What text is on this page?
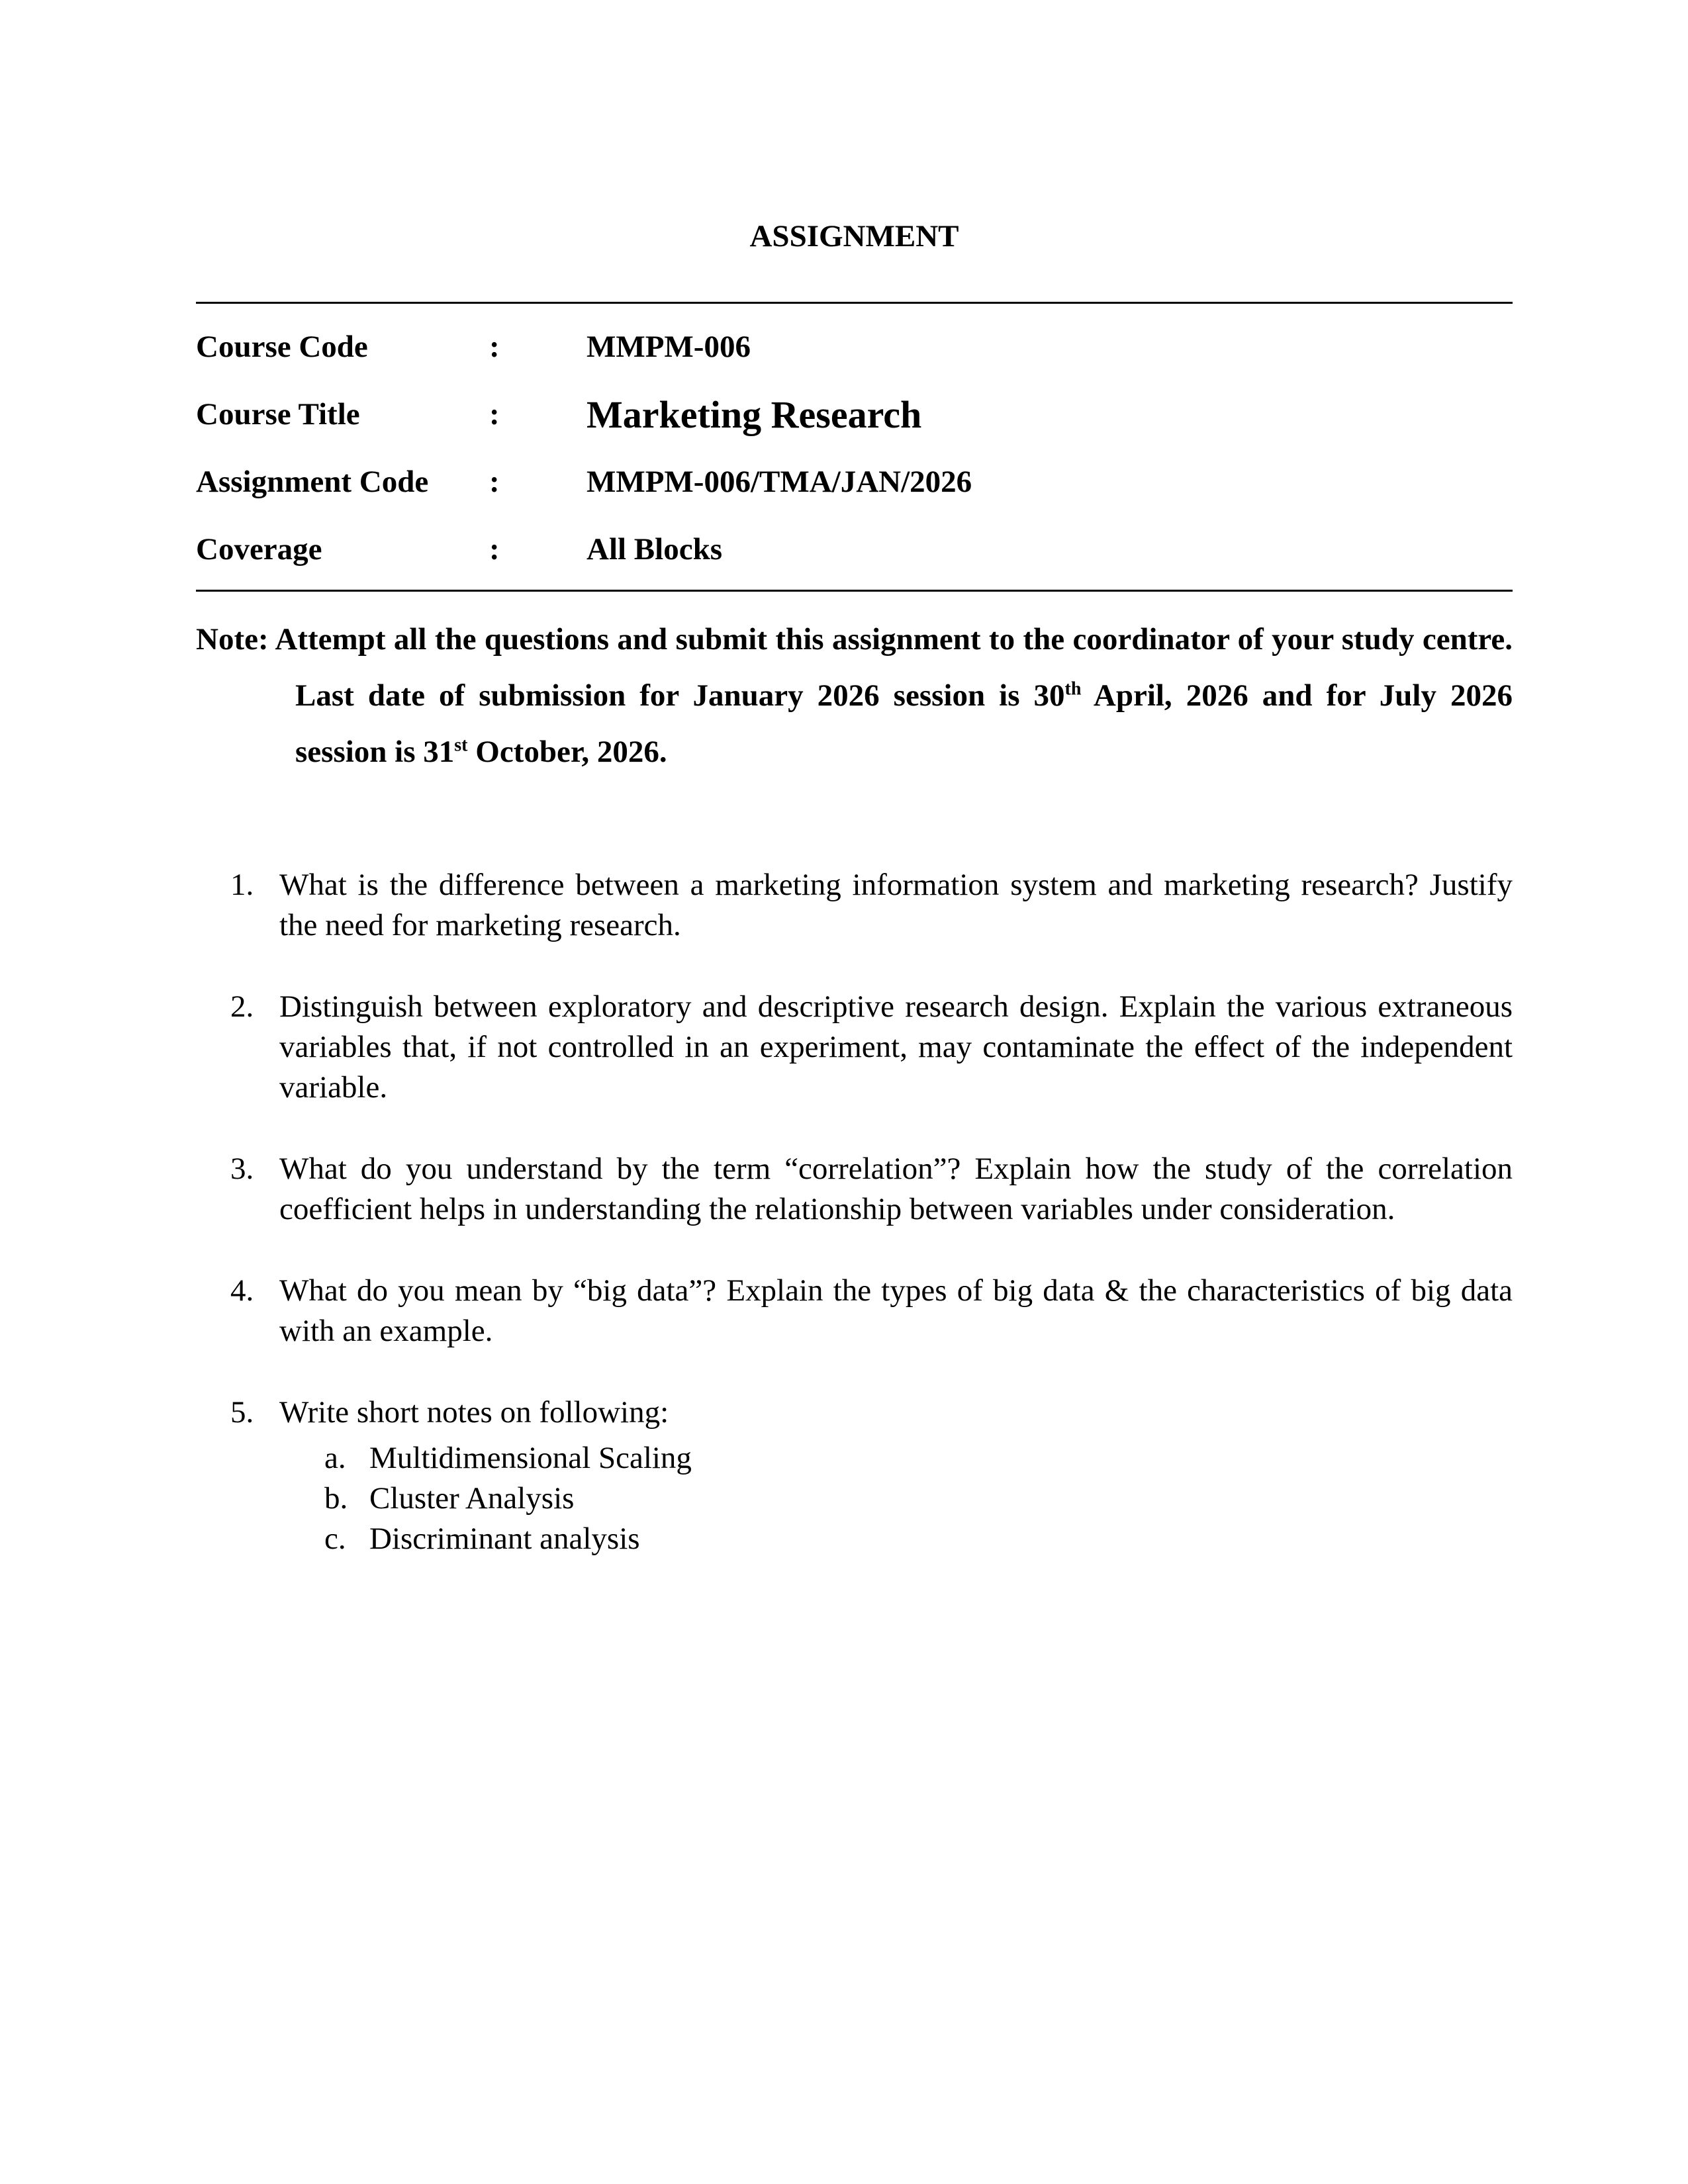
ASSIGNMENT
Course Code	:	MMPM-006
Course Title	:	Marketing Research
Assignment Code	:	MMPM-006/TMA/JAN/2026
Coverage	:	All Blocks

Note: Attempt all the questions and submit this assignment to the coordinator of your study centre. Last date of submission for January 2026 session is 30th April, 2026 and for July 2026 session is 31st October, 2026.

1. What is the difference between a marketing information system and marketing research? Justify the need for marketing research.
2. Distinguish between exploratory and descriptive research design. Explain the various extraneous variables that, if not controlled in an experiment, may contaminate the effect of the independent variable.
3. What do you understand by the term “correlation”? Explain how the study of the correlation coefficient helps in understanding the relationship between variables under consideration.
4. What do you mean by “big data”? Explain the types of big data & the characteristics of big data with an example.
5. Write short notes on following:
a. Multidimensional Scaling
b. Cluster Analysis
c. Discriminant analysis
